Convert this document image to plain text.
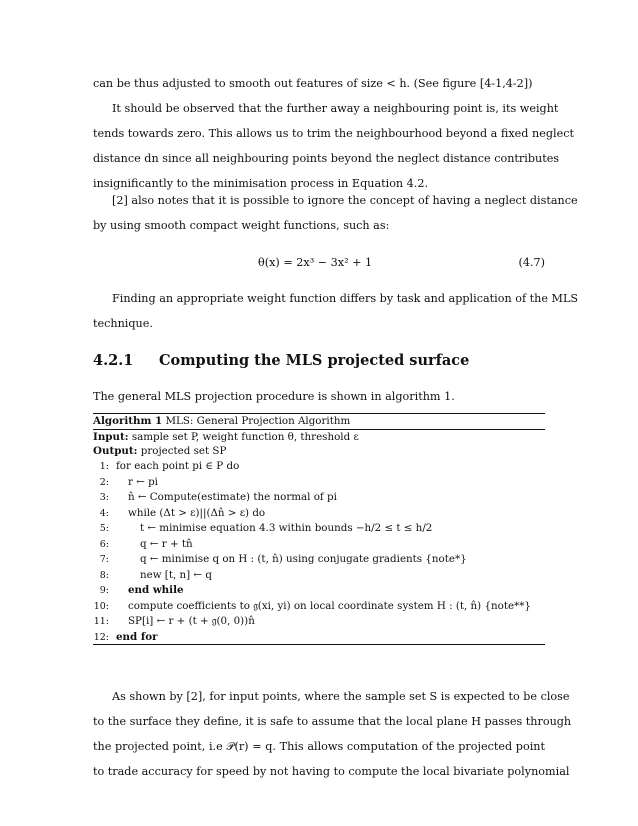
can be thus adjusted to smooth out features of size < h. (See figure [4-1,4-2])
It should be observed that the further away a neighbouring point is, its weight
tends towards zero. This allows us to trim the neighbourhood beyond a fixed neglect
distance dn since all neighbouring points beyond the neglect distance contributes
insignificantly to the minimisation process in Equation 4.2.
[2] also notes that it is possible to ignore the concept of having a neglect distance
by using smooth compact weight functions, such as:
θ(x) = 2x³ − 3x² + 1	(4.7)
Finding an appropriate weight function differs by task and application of the MLS
technique.
4.2.1 Computing the MLS projected surface
The general MLS projection procedure is shown in algorithm 1.
Algorithm 1 MLS: General Projection Algorithm
Input: sample set P, weight function θ, threshold ε
Output: projected set SP
1: for each point pi ∈ P do
2: r ← pi
3: n̂ ← Compute(estimate) the normal of pi
4: while (Δt > ε)||(Δn̂ > ε) do
5:	t ← minimise equation 4.3 within bounds −h/2 ≤ t ≤ h/2
6:	q ← r + tn̂
7:	q ← minimise q on H : (t, n̂) using conjugate gradients {note*}
8:	new [t, n] ← q
9: end while
10: compute coefficients to 𝔤(xi, yi) on local coordinate system H : (t, n̂) {note**}
11: SP[i] ← r + (t + 𝔤(0, 0))n̂
12: end for
As shown by [2], for input points, where the sample set S is expected to be close
to the surface they define, it is safe to assume that the local plane H passes through
the projected point, i.e 𝒫(r) = q. This allows computation of the projected point
to trade accuracy for speed by not having to compute the local bivariate polynomial
